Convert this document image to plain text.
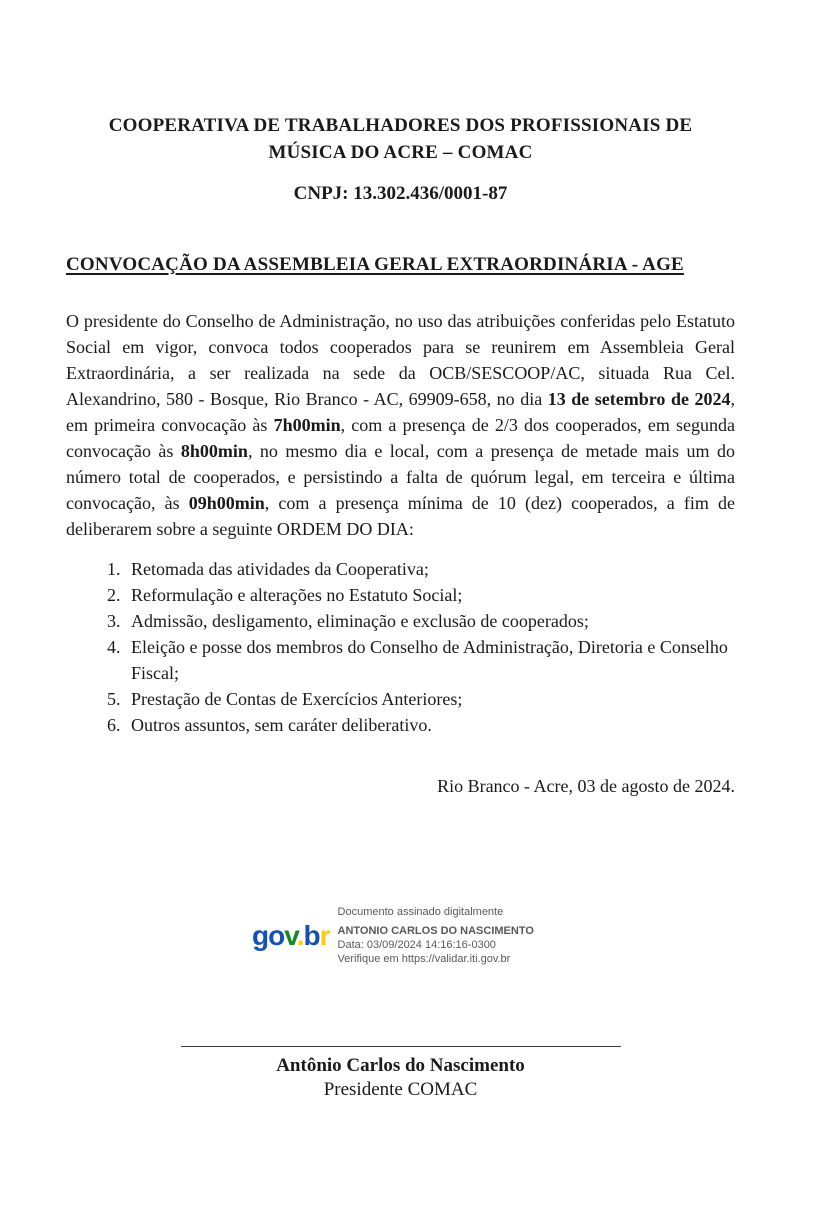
COOPERATIVA DE TRABALHADORES DOS PROFISSIONAIS DE
MÚSICA DO ACRE – COMAC

CNPJ: 13.302.436/0001-87

CONVOCAÇÃO DA ASSEMBLEIA GERAL EXTRAORDINÁRIA - AGE

O presidente do Conselho de Administração, no uso das atribuições conferidas pelo Estatuto Social em vigor, convoca todos cooperados para se reunirem em Assembleia Geral Extraordinária, a ser realizada na sede da OCB/SESCOOP/AC, situada Rua Cel. Alexandrino, 580 - Bosque, Rio Branco - AC, 69909-658, no dia 13 de setembro de 2024, em primeira convocação às 7h00min, com a presença de 2/3 dos cooperados, em segunda convocação às 8h00min, no mesmo dia e local, com a presença de metade mais um do número total de cooperados, e persistindo a falta de quórum legal, em terceira e última convocação, às 09h00min, com a presença mínima de 10 (dez) cooperados, a fim de deliberarem sobre a seguinte ORDEM DO DIA:

1. Retomada das atividades da Cooperativa;
2. Reformulação e alterações no Estatuto Social;
3. Admissão, desligamento, eliminação e exclusão de cooperados;
4. Eleição e posse dos membros do Conselho de Administração, Diretoria e Conselho Fiscal;
5. Prestação de Contas de Exercícios Anteriores;
6. Outros assuntos, sem caráter deliberativo.

Rio Branco - Acre, 03 de agosto de 2024.

gov.br
Documento assinado digitalmente
ANTONIO CARLOS DO NASCIMENTO
Data: 03/09/2024 14:16:16-0300
Verifique em https://validar.iti.gov.br
Antônio Carlos do Nascimento
Presidente COMAC
